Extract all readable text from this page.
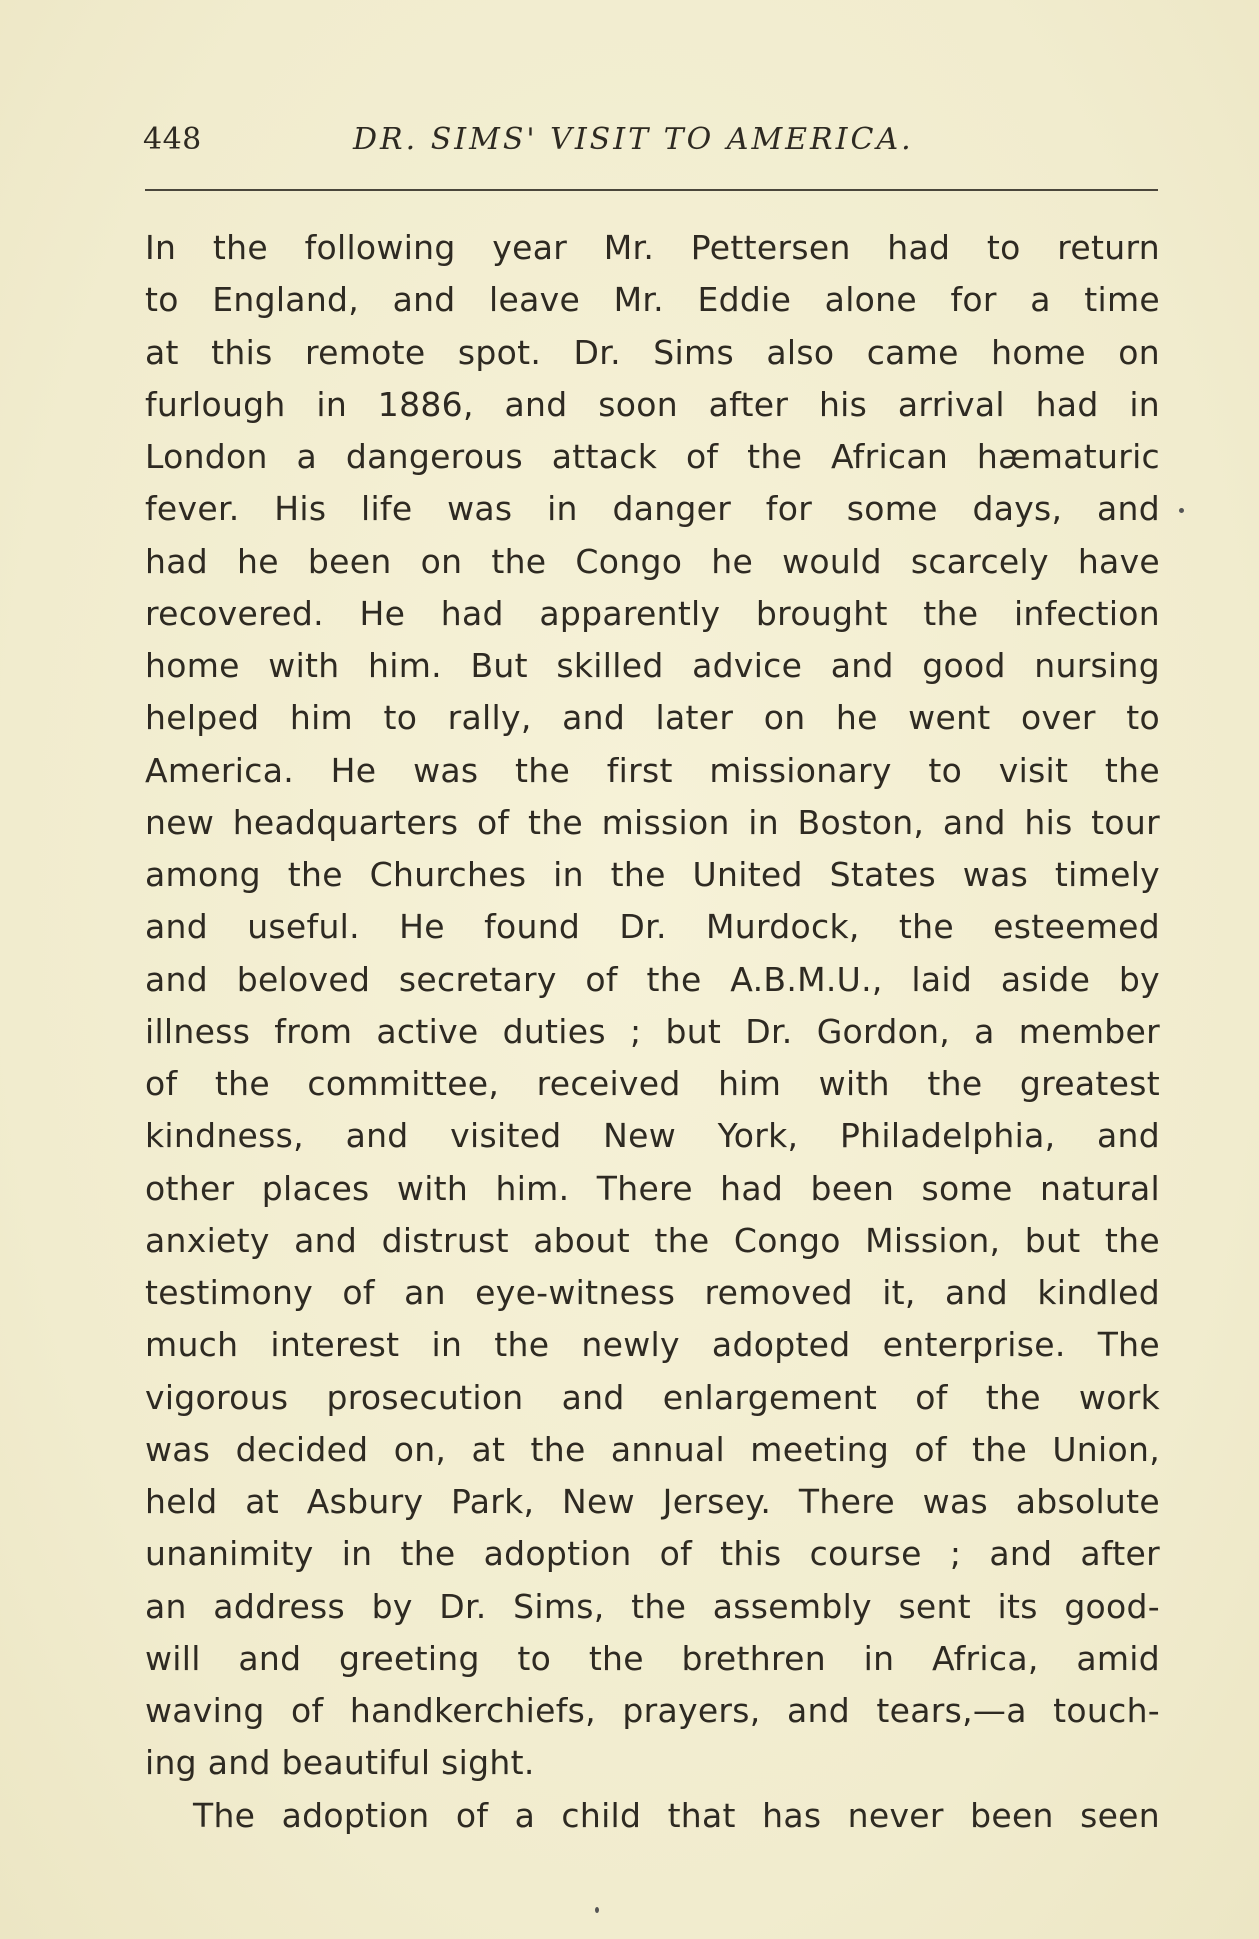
448	DR. SIMS' VISIT TO AMERICA.
In the following year Mr. Pettersen had to return
to England, and leave Mr. Eddie alone for a time
at this remote spot. Dr. Sims also came home on
furlough in 1886, and soon after his arrival had in
London a dangerous attack of the African hæmaturic
fever. His life was in danger for some days, and
had he been on the Congo he would scarcely have
recovered. He had apparently brought the infection
home with him. But skilled advice and good nursing
helped him to rally, and later on he went over to
America. He was the first missionary to visit the
new headquarters of the mission in Boston, and his tour
among the Churches in the United States was timely
and useful. He found Dr. Murdock, the esteemed
and beloved secretary of the A.B.M.U., laid aside by
illness from active duties ; but Dr. Gordon, a member
of the committee, received him with the greatest
kindness, and visited New York, Philadelphia, and
other places with him. There had been some natural
anxiety and distrust about the Congo Mission, but the
testimony of an eye-witness removed it, and kindled
much interest in the newly adopted enterprise. The
vigorous prosecution and enlargement of the work
was decided on, at the annual meeting of the Union,
held at Asbury Park, New Jersey. There was absolute
unanimity in the adoption of this course ; and after
an address by Dr. Sims, the assembly sent its good-
will and greeting to the brethren in Africa, amid
waving of handkerchiefs, prayers, and tears,—a touch-
ing and beautiful sight.
The adoption of a child that has never been seen
